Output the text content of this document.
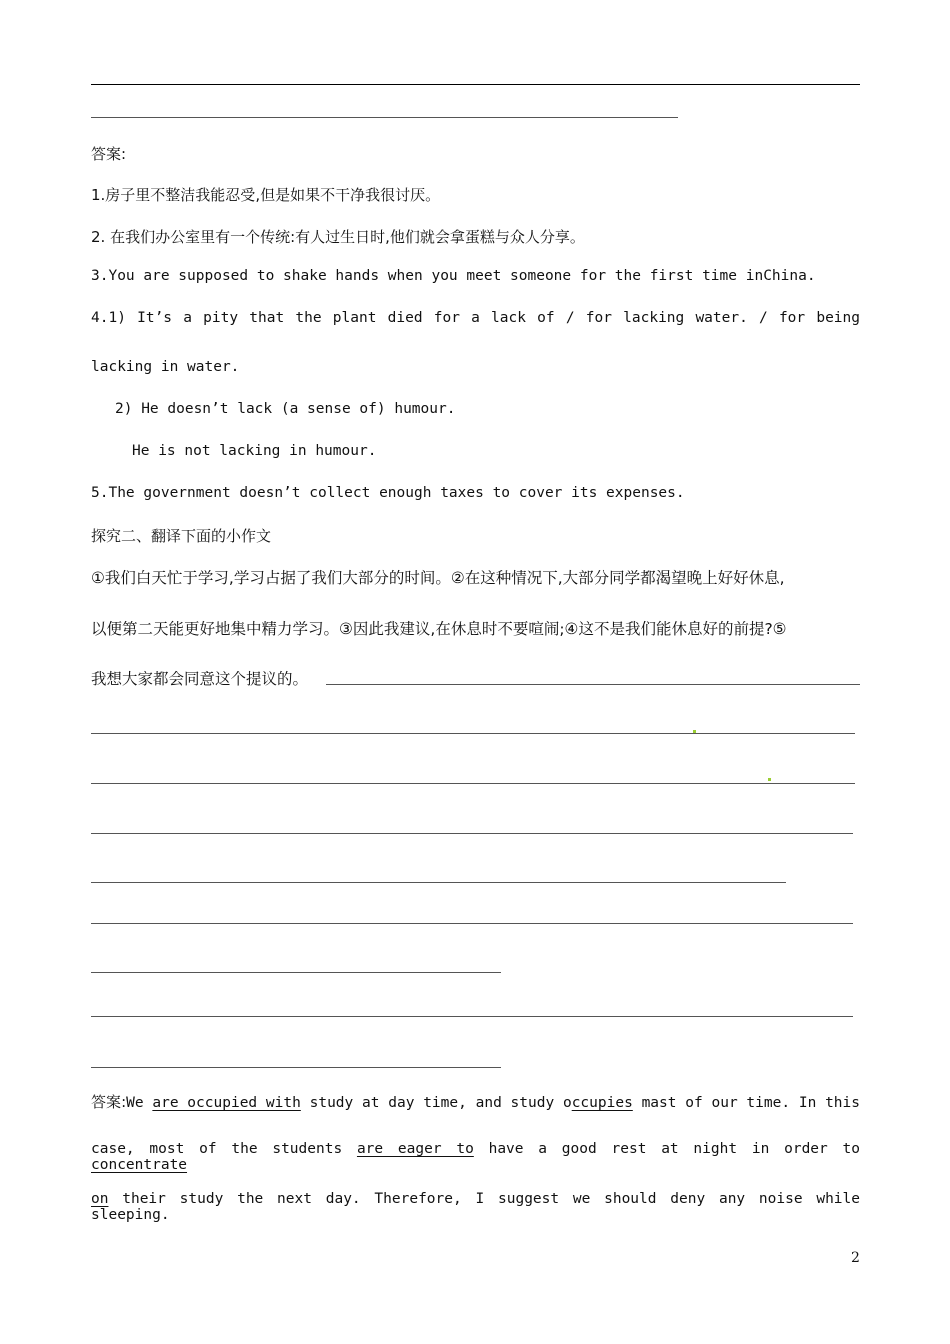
答案:
1.房子里不整洁我能忍受,但是如果不干净我很讨厌。
2. 在我们办公室里有一个传统:有人过生日时,他们就会拿蛋糕与众人分享。
3.You are supposed to shake hands when you meet someone for the first time inChina.
4.1) It’s a pity that the plant died for a lack of / for lacking water. / for being
lacking in water.
2) He doesn’t lack (a sense of) humour.
He is not lacking in humour.
5.The government doesn’t collect enough taxes to cover its expenses.
探究二、翻译下面的小作文
①我们白天忙于学习,学习占据了我们大部分的时间。②在这种情况下,大部分同学都渴望晚上好好休息,
以便第二天能更好地集中精力学习。③因此我建议,在休息时不要喧闹;④这不是我们能休息好的前提?⑤
我想大家都会同意这个提议的。
答案:We are occupied with study at day time, and study occupies mast of our time. In this
case, most of the students are eager to have a good rest at night in order to concentrate
on their study the next day. Therefore, I suggest we should deny any noise while sleeping.
2
